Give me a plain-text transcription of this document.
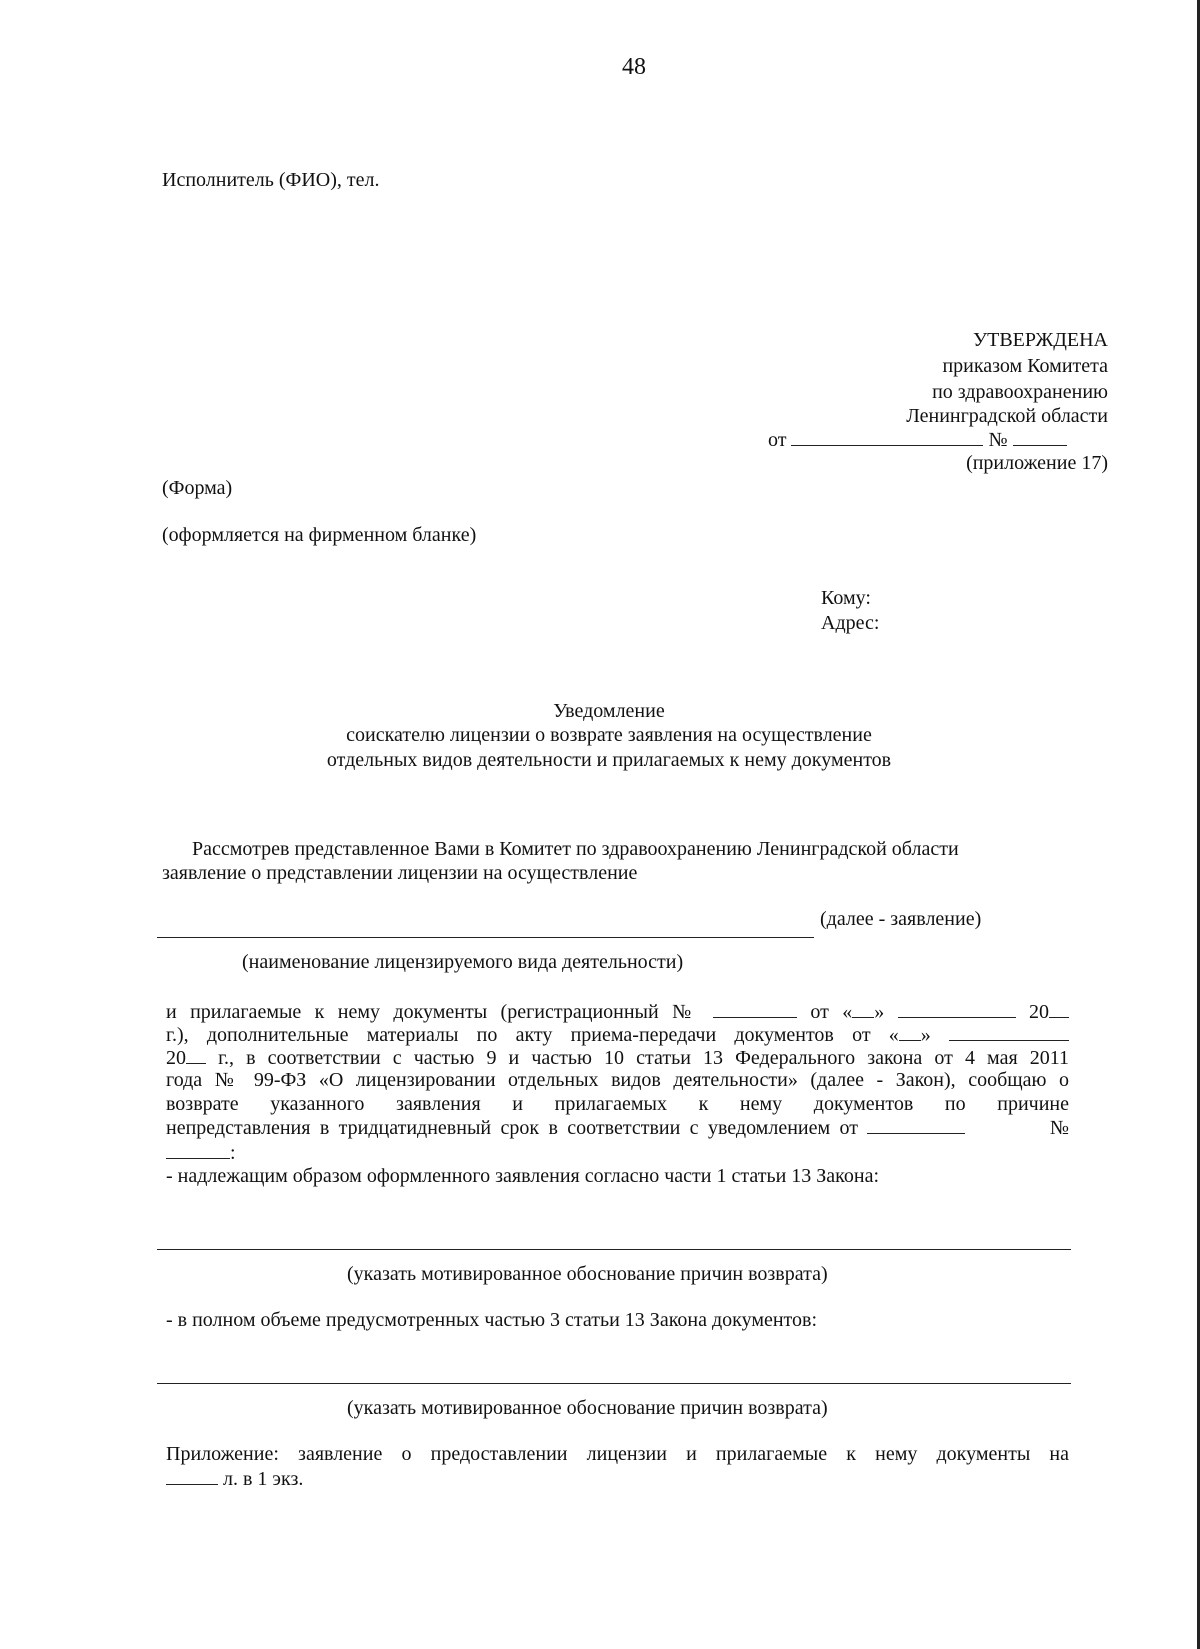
48
Исполнитель (ФИО), тел.
УТВЕРЖДЕНА
приказом Комитета
по здравоохранению
Ленинградской области
от	№
(приложение 17)
(Форма)
(оформляется на фирменном бланке)
Кому:
Адрес:
Уведомление
соискателю лицензии о возврате заявления на осуществление
отдельных видов деятельности и прилагаемых к нему документов
Рассмотрев представленное Вами в Комитет по здравоохранению Ленинградской области
заявление о представлении лицензии на осуществление
(далее - заявление)
(наименование лицензируемого вида деятельности)
и прилагаемые к нему документы (регистрационный №	от « »	20
г.), дополнительные материалы по акту приема-передачи документов от « »
20 г., в соответствии с частью 9 и частью 10 статьи 13 Федерального закона от 4 мая 2011
года № 99-ФЗ «О лицензировании отдельных видов деятельности» (далее - Закон), сообщаю о
возврате указанного заявления и прилагаемых к нему документов по причине
непредставления в тридцатидневный срок в соответствии с уведомлением от	№
:
- надлежащим образом оформленного заявления согласно части 1 статьи 13 Закона:
(указать мотивированное обоснование причин возврата)
- в полном объеме предусмотренных частью 3 статьи 13 Закона документов:
(указать мотивированное обоснование причин возврата)
Приложение: заявление о предоставлении лицензии и прилагаемые к нему документы на
л. в 1 экз.
